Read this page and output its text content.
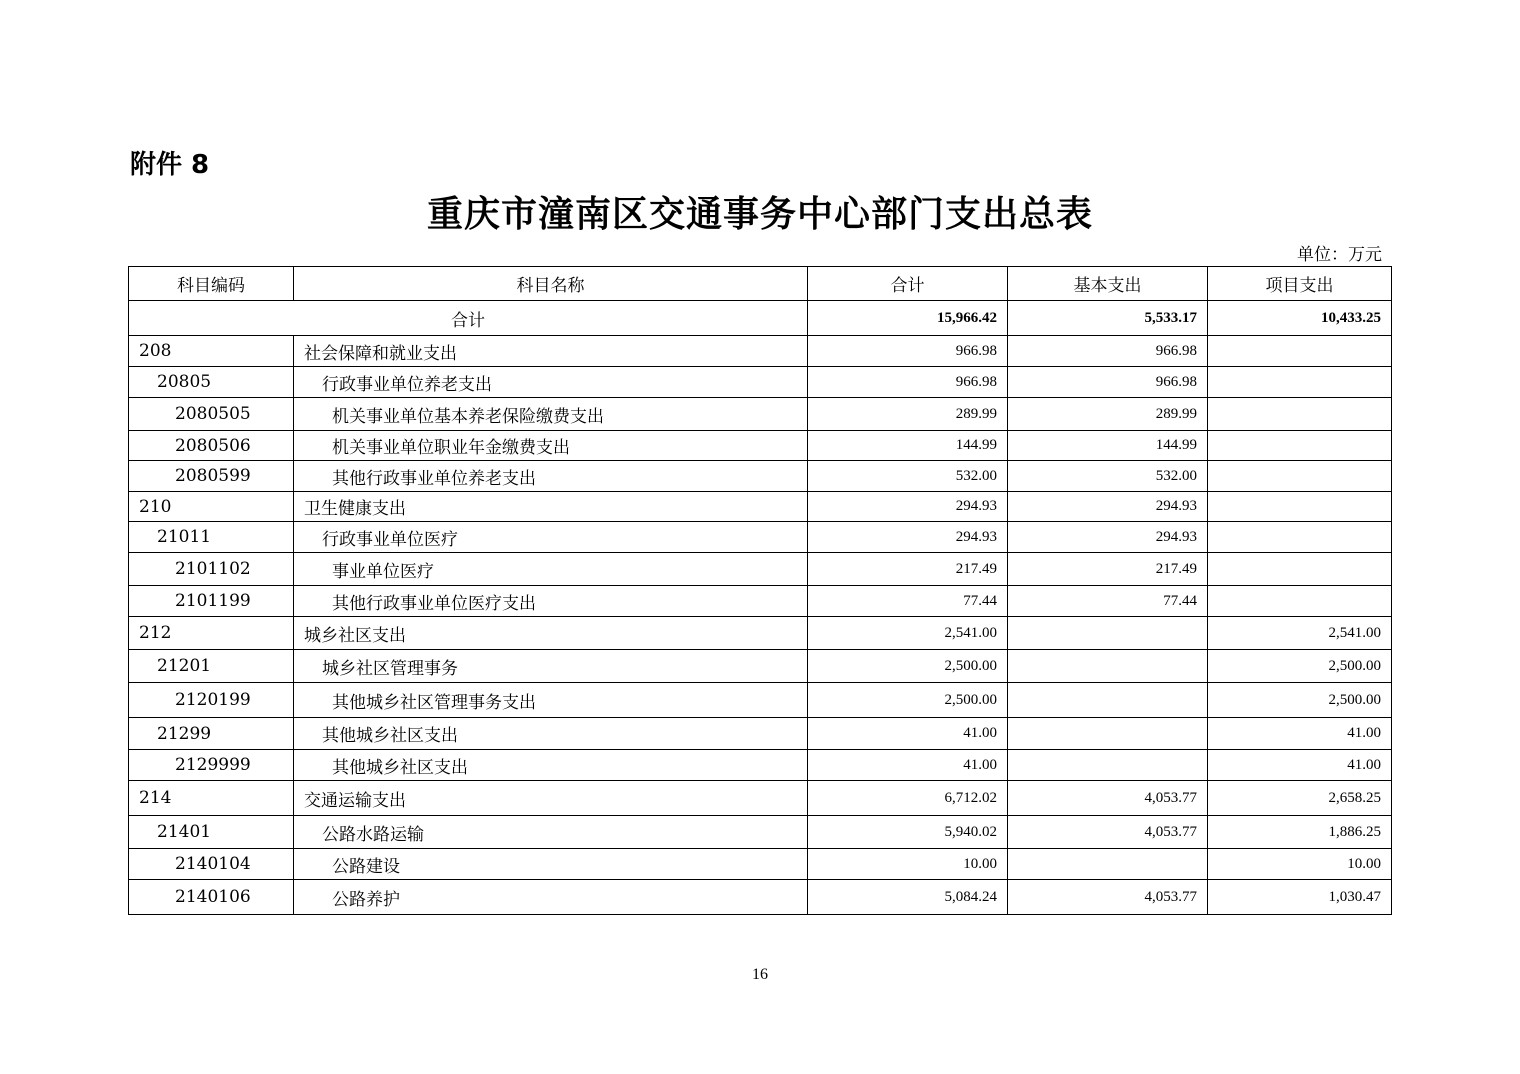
附件 8
重庆市潼南区交通事务中心部门支出总表
单位：万元
科目编码	科目名称	合计	基本支出	项目支出
合计		15,966.42	5,533.17	10,433.25
208	社会保障和就业支出	966.98	966.98	
20805	行政事业单位养老支出	966.98	966.98	
2080505	机关事业单位基本养老保险缴费支出	289.99	289.99	
2080506	机关事业单位职业年金缴费支出	144.99	144.99	
2080599	其他行政事业单位养老支出	532.00	532.00	
210	卫生健康支出	294.93	294.93	
21011	行政事业单位医疗	294.93	294.93	
2101102	事业单位医疗	217.49	217.49	
2101199	其他行政事业单位医疗支出	77.44	77.44	
212	城乡社区支出	2,541.00		2,541.00
21201	城乡社区管理事务	2,500.00		2,500.00
2120199	其他城乡社区管理事务支出	2,500.00		2,500.00
21299	其他城乡社区支出	41.00		41.00
2129999	其他城乡社区支出	41.00		41.00
214	交通运输支出	6,712.02	4,053.77	2,658.25
21401	公路水路运输	5,940.02	4,053.77	1,886.25
2140104	公路建设	10.00		10.00
2140106	公路养护	5,084.24	4,053.77	1,030.47
16
